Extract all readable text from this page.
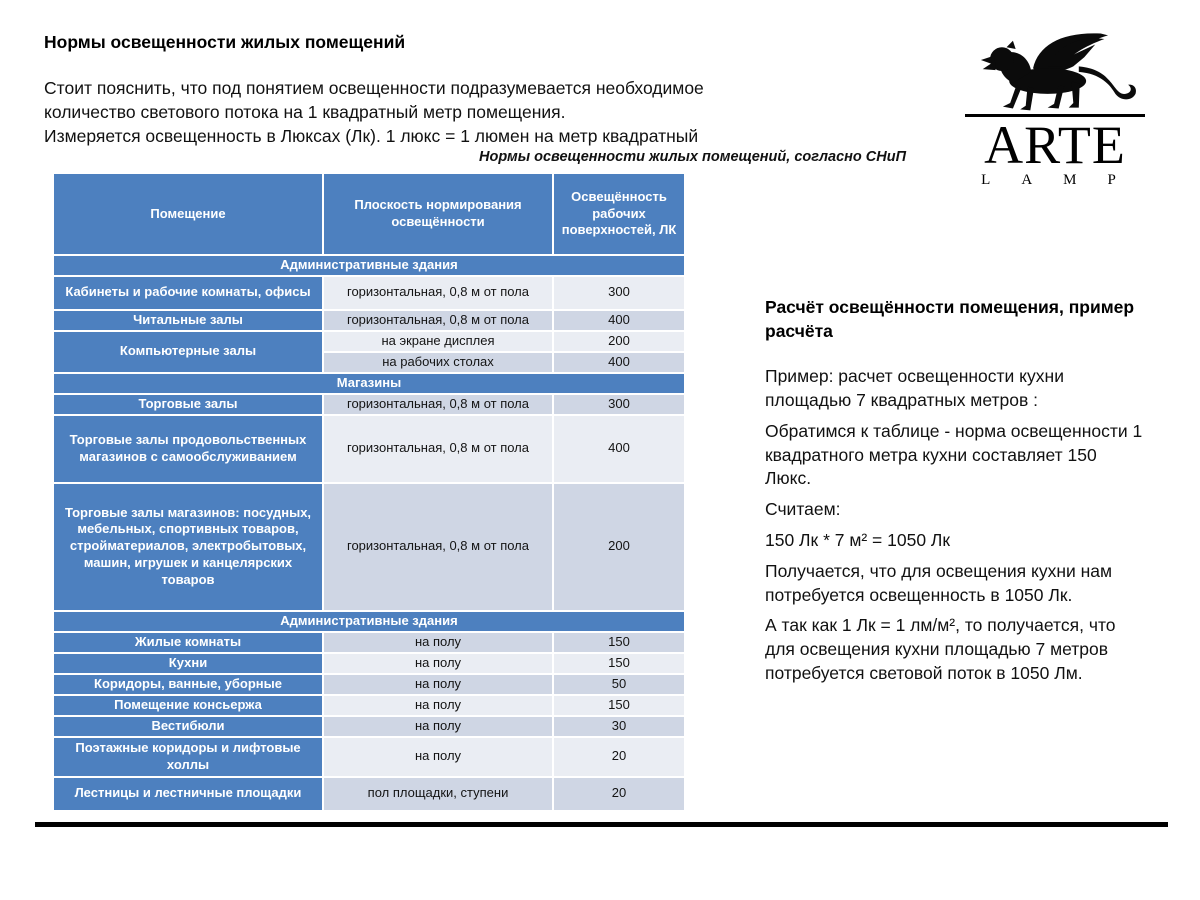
Нормы освещенности жилых помещений

Стоит пояснить, что под понятием освещенности подразумевается необходимое количество светового потока на 1 квадратный метр помещения.

Измеряется освещенность в Люксах (Лк). 1 люкс = 1 люмен на метр квадратный

Нормы освещенности жилых помещений, согласно СНиП	ARTE
LAMP
Помещение	Плоскость нормирования освещённости	Освещённость рабочих поверхностей, ЛК
Административные здания		
Кабинеты и рабочие комнаты, офисы	горизонтальная, 0,8 м от пола	300
Читальные залы	горизонтальная, 0,8 м от пола	400
Компьютерные залы	на экране дисплея	200
	на рабочих столах	400
Магазины		
Торговые залы	горизонтальная, 0,8 м от пола	300
Торговые залы продовольственных магазинов с самообслуживанием	горизонтальная, 0,8 м от пола	400
Торговые залы магазинов: посудных, мебельных, спортивных товаров, стройматериалов, электробытовых, машин, игрушек и канцелярских товаров	горизонтальная, 0,8 м от пола	200
Административные здания		
Жилые комнаты	на полу	150
Кухни	на полу	150
Коридоры, ванные, уборные	на полу	50
Помещение консьержа	на полу	150
Вестибюли	на полу	30
Поэтажные коридоры и лифтовые холлы	на полу	20
Лестницы и лестничные площадки	пол площадки, ступени	20
Расчёт освещённости помещения, пример расчёта

Пример: расчет освещенности кухни площадью 7 квадратных метров :

Обратимся к таблице - норма освещенности 1 квадратного метра кухни составляет 150 Люкс.

Считаем:

150 Лк * 7 м² = 1050 Лк

Получается, что для освещения кухни нам потребуется освещенность в 1050 Лк.

А так как 1 Лк = 1 лм/м², то получается, что для освещения кухни площадью 7 метров потребуется световой поток в 1050 Лм.
